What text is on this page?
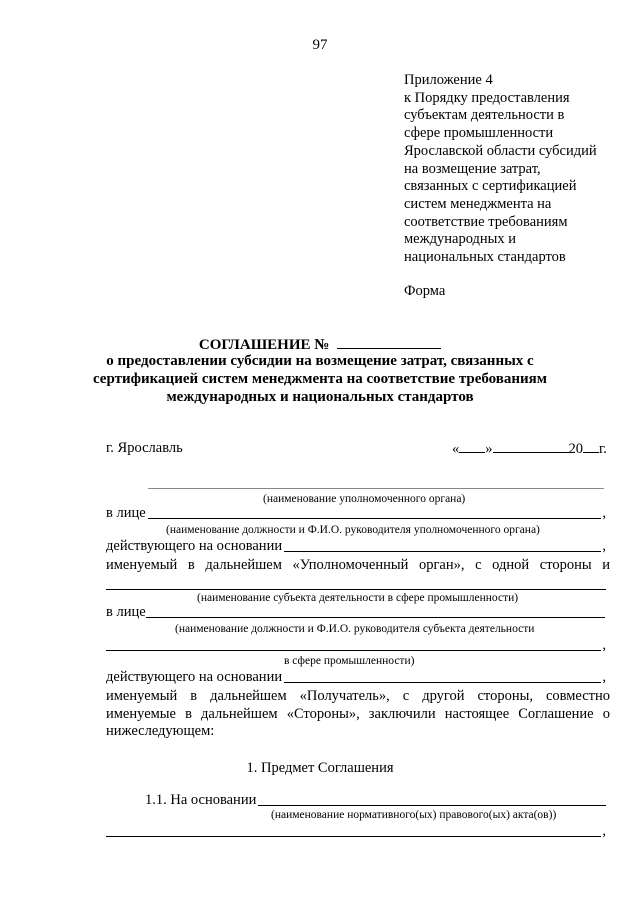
97
Приложение 4
к Порядку предоставления
субъектам деятельности в
сфере промышленности
Ярославской области субсидий
на возмещение затрат,
связанных с сертификацией
систем менеджмента на
соответствие требованиям
международных и
национальных стандартов
Форма
СОГЛАШЕНИЕ №
о предоставлении субсидии на возмещение затрат, связанных с
сертификацией систем менеджмента на соответствие требованиям
международных и национальных стандартов
г. Ярославль	« »	20 г.
(наименование уполномоченного органа)
в лице	,
(наименование должности и Ф.И.О. руководителя уполномоченного органа)
действующего на основании	,
именуемый в дальнейшем «Уполномоченный орган», с одной стороны и
(наименование субъекта деятельности в сфере промышленности)
в лице
(наименование должности и Ф.И.О. руководителя субъекта деятельности
,
в сфере промышленности)
действующего на основании	,
именуемый в дальнейшем «Получатель», с другой стороны, совместно
именуемые в дальнейшем «Стороны», заключили настоящее Соглашение о
нижеследующем:
1. Предмет Соглашения
1.1. На основании
(наименование нормативного(ых) правового(ых) акта(ов))
,
